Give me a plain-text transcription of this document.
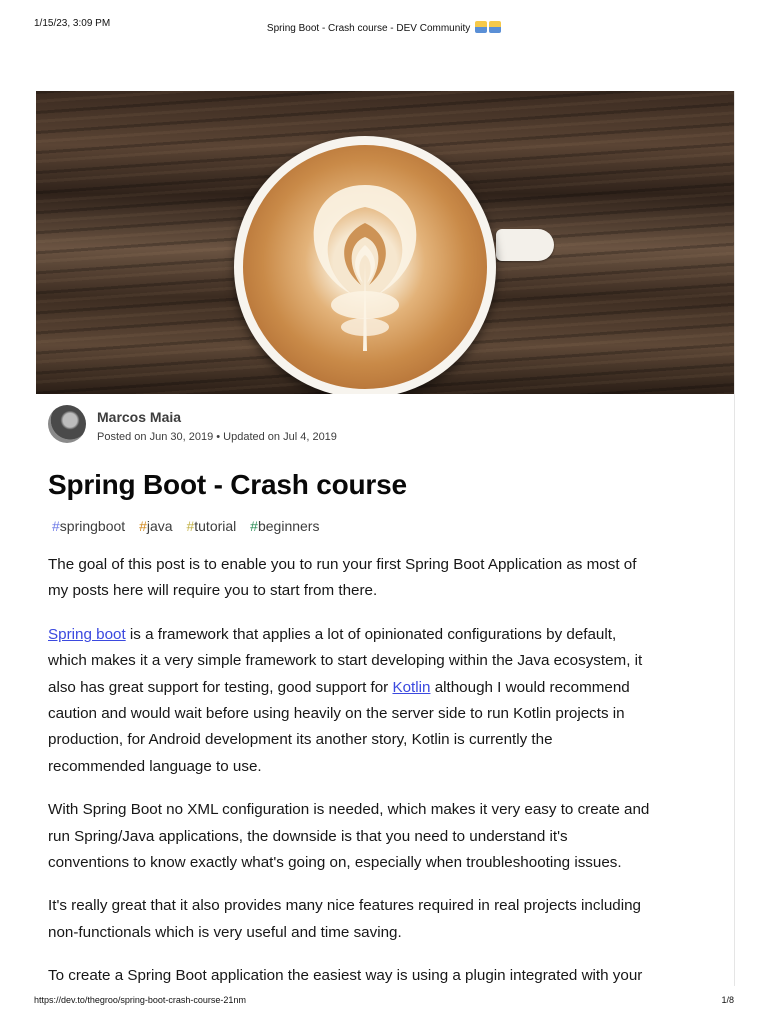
1/15/23, 3:09 PM	Spring Boot - Crash course - DEV Community
Marcos Maia
Posted on Jun 30, 2019 • Updated on Jul 4, 2019
Spring Boot - Crash course
#springboot #java #tutorial #beginners

The goal of this post is to enable you to run your first Spring Boot Application as most of
my posts here will require you to start from there.

Spring boot is a framework that applies a lot of opinionated configurations by default,
which makes it a very simple framework to start developing within the Java ecosystem, it
also has great support for testing, good support for Kotlin although I would recommend
caution and would wait before using heavily on the server side to run Kotlin projects in
production, for Android development its another story, Kotlin is currently the
recommended language to use.

With Spring Boot no XML configuration is needed, which makes it very easy to create and
run Spring/Java applications, the downside is that you need to understand it's
conventions to know exactly what's going on, especially when troubleshooting issues.

It's really great that it also provides many nice features required in real projects including
non-functionals which is very useful and time saving.

To create a Spring Boot application the easiest way is using a plugin integrated with your

https://dev.to/thegroo/spring-boot-crash-course-21nm	1/8
